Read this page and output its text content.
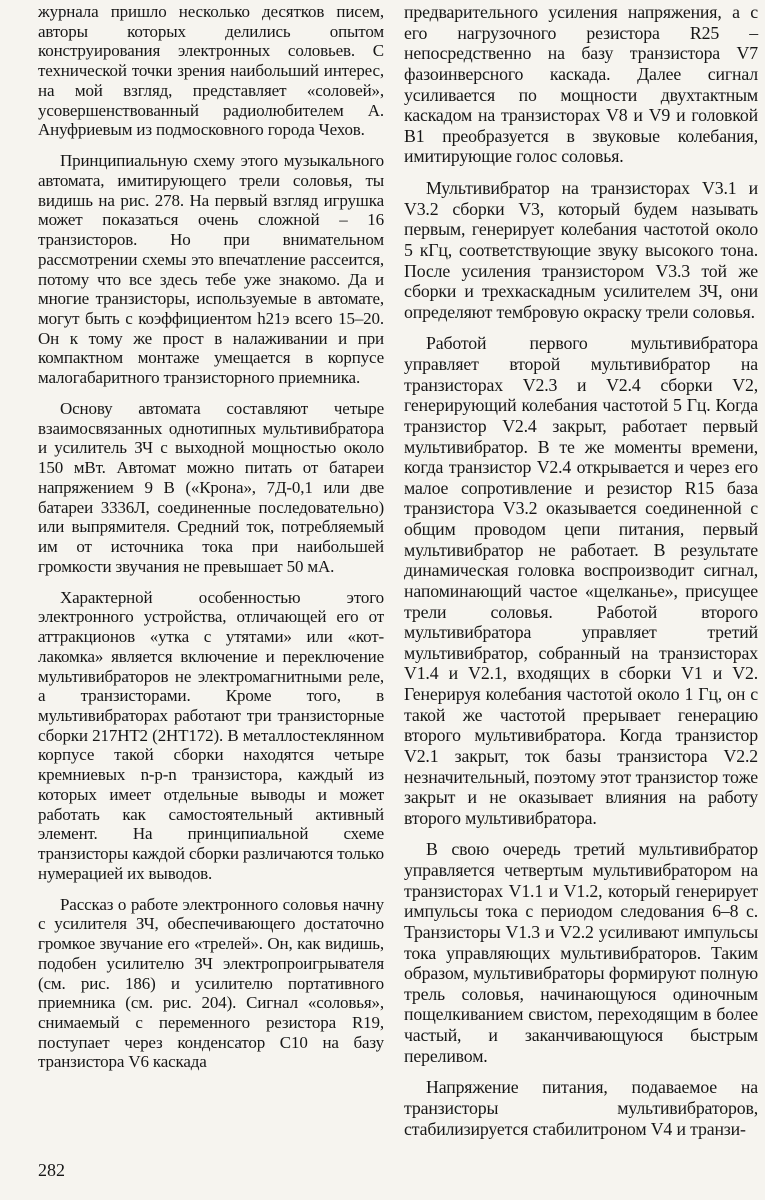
журнала пришло несколько десятков писем, авторы которых делились опытом конструирования электронных соловьев. С технической точки зрения наибольший интерес, на мой взгляд, представляет «соловей», усовершенствованный радиолюбителем А. Ануфриевым из подмосковного города Чехов.

Принципиальную схему этого музыкального автомата, имитирующего трели соловья, ты видишь на рис. 278. На первый взгляд игрушка может показаться очень сложной – 16 транзисторов. Но при внимательном рассмотрении схемы это впечатление рассеится, потому что все здесь тебе уже знакомо. Да и многие транзисторы, используемые в автомате, могут быть с коэффициентом h21э всего 15–20. Он к тому же прост в налаживании и при компактном монтаже умещается в корпусе малогабаритного транзисторного приемника.

Основу автомата составляют четыре взаимосвязанных однотипных мультивибратора и усилитель ЗЧ с выходной мощностью около 150 мВт. Автомат можно питать от батареи напряжением 9 В («Крона», 7Д-0,1 или две батареи 3336Л, соединенные последовательно) или выпрямителя. Средний ток, потребляемый им от источника тока при наибольшей громкости звучания не превышает 50 мА.

Характерной особенностью этого электронного устройства, отличающей его от аттракционов «утка с утятами» или «кот-лакомка» является включение и переключение мультивибраторов не электромагнитными реле, а транзисторами. Кроме того, в мультивибраторах работают три транзисторные сборки 217НТ2 (2НТ172). В металлостеклянном корпусе такой сборки находятся четыре кремниевых n-p-n транзистора, каждый из которых имеет отдельные выводы и может работать как самостоятельный активный элемент. На принципиальной схеме транзисторы каждой сборки различаются только нумерацией их выводов.

Рассказ о работе электронного соловья начну с усилителя ЗЧ, обеспечивающего достаточно громкое звучание его «трелей». Он, как видишь, подобен усилителю ЗЧ электропроигрывателя (см. рис. 186) и усилителю портативного приемника (см. рис. 204). Сигнал «соловья», снимаемый с переменного резистора R19, поступает через конденсатор C10 на базу транзистора V6 каскада

предварительного усиления напряжения, а с его нагрузочного резистора R25 – непосредственно на базу транзистора V7 фазоинверсного каскада. Далее сигнал усиливается по мощности двухтактным каскадом на транзисторах V8 и V9 и головкой B1 преобразуется в звуковые колебания, имитирующие голос соловья.

Мультивибратор на транзисторах V3.1 и V3.2 сборки V3, который будем называть первым, генерирует колебания частотой около 5 кГц, соответствующие звуку высокого тона. После усиления транзистором V3.3 той же сборки и трехкаскадным усилителем ЗЧ, они определяют тембровую окраску трели соловья.

Работой первого мультивибратора управляет второй мультивибратор на транзисторах V2.3 и V2.4 сборки V2, генерирующий колебания частотой 5 Гц. Когда транзистор V2.4 закрыт, работает первый мультивибратор. В те же моменты времени, когда транзистор V2.4 открывается и через его малое сопротивление и резистор R15 база транзистора V3.2 оказывается соединенной с общим проводом цепи питания, первый мультивибратор не работает. В результате динамическая головка воспроизводит сигнал, напоминающий частое «щелканье», присущее трели соловья. Работой второго мультивибратора управляет третий мультивибратор, собранный на транзисторах V1.4 и V2.1, входящих в сборки V1 и V2. Генерируя колебания частотой около 1 Гц, он с такой же частотой прерывает генерацию второго мультивибратора. Когда транзистор V2.1 закрыт, ток базы транзистора V2.2 незначительный, поэтому этот транзистор тоже закрыт и не оказывает влияния на работу второго мультивибратора.

В свою очередь третий мультивибратор управляется четвертым мультивибратором на транзисторах V1.1 и V1.2, который генерирует импульсы тока с периодом следования 6–8 с. Транзисторы V1.3 и V2.2 усиливают импульсы тока управляющих мультивибраторов. Таким образом, мультивибраторы формируют полную трель соловья, начинающуюся одиночным пощелкиванием свистом, переходящим в более частый, и заканчивающуюся быстрым переливом.

Напряжение питания, подаваемое на транзисторы мультивибраторов, стабилизируется стабилитроном V4 и транзи-

282
